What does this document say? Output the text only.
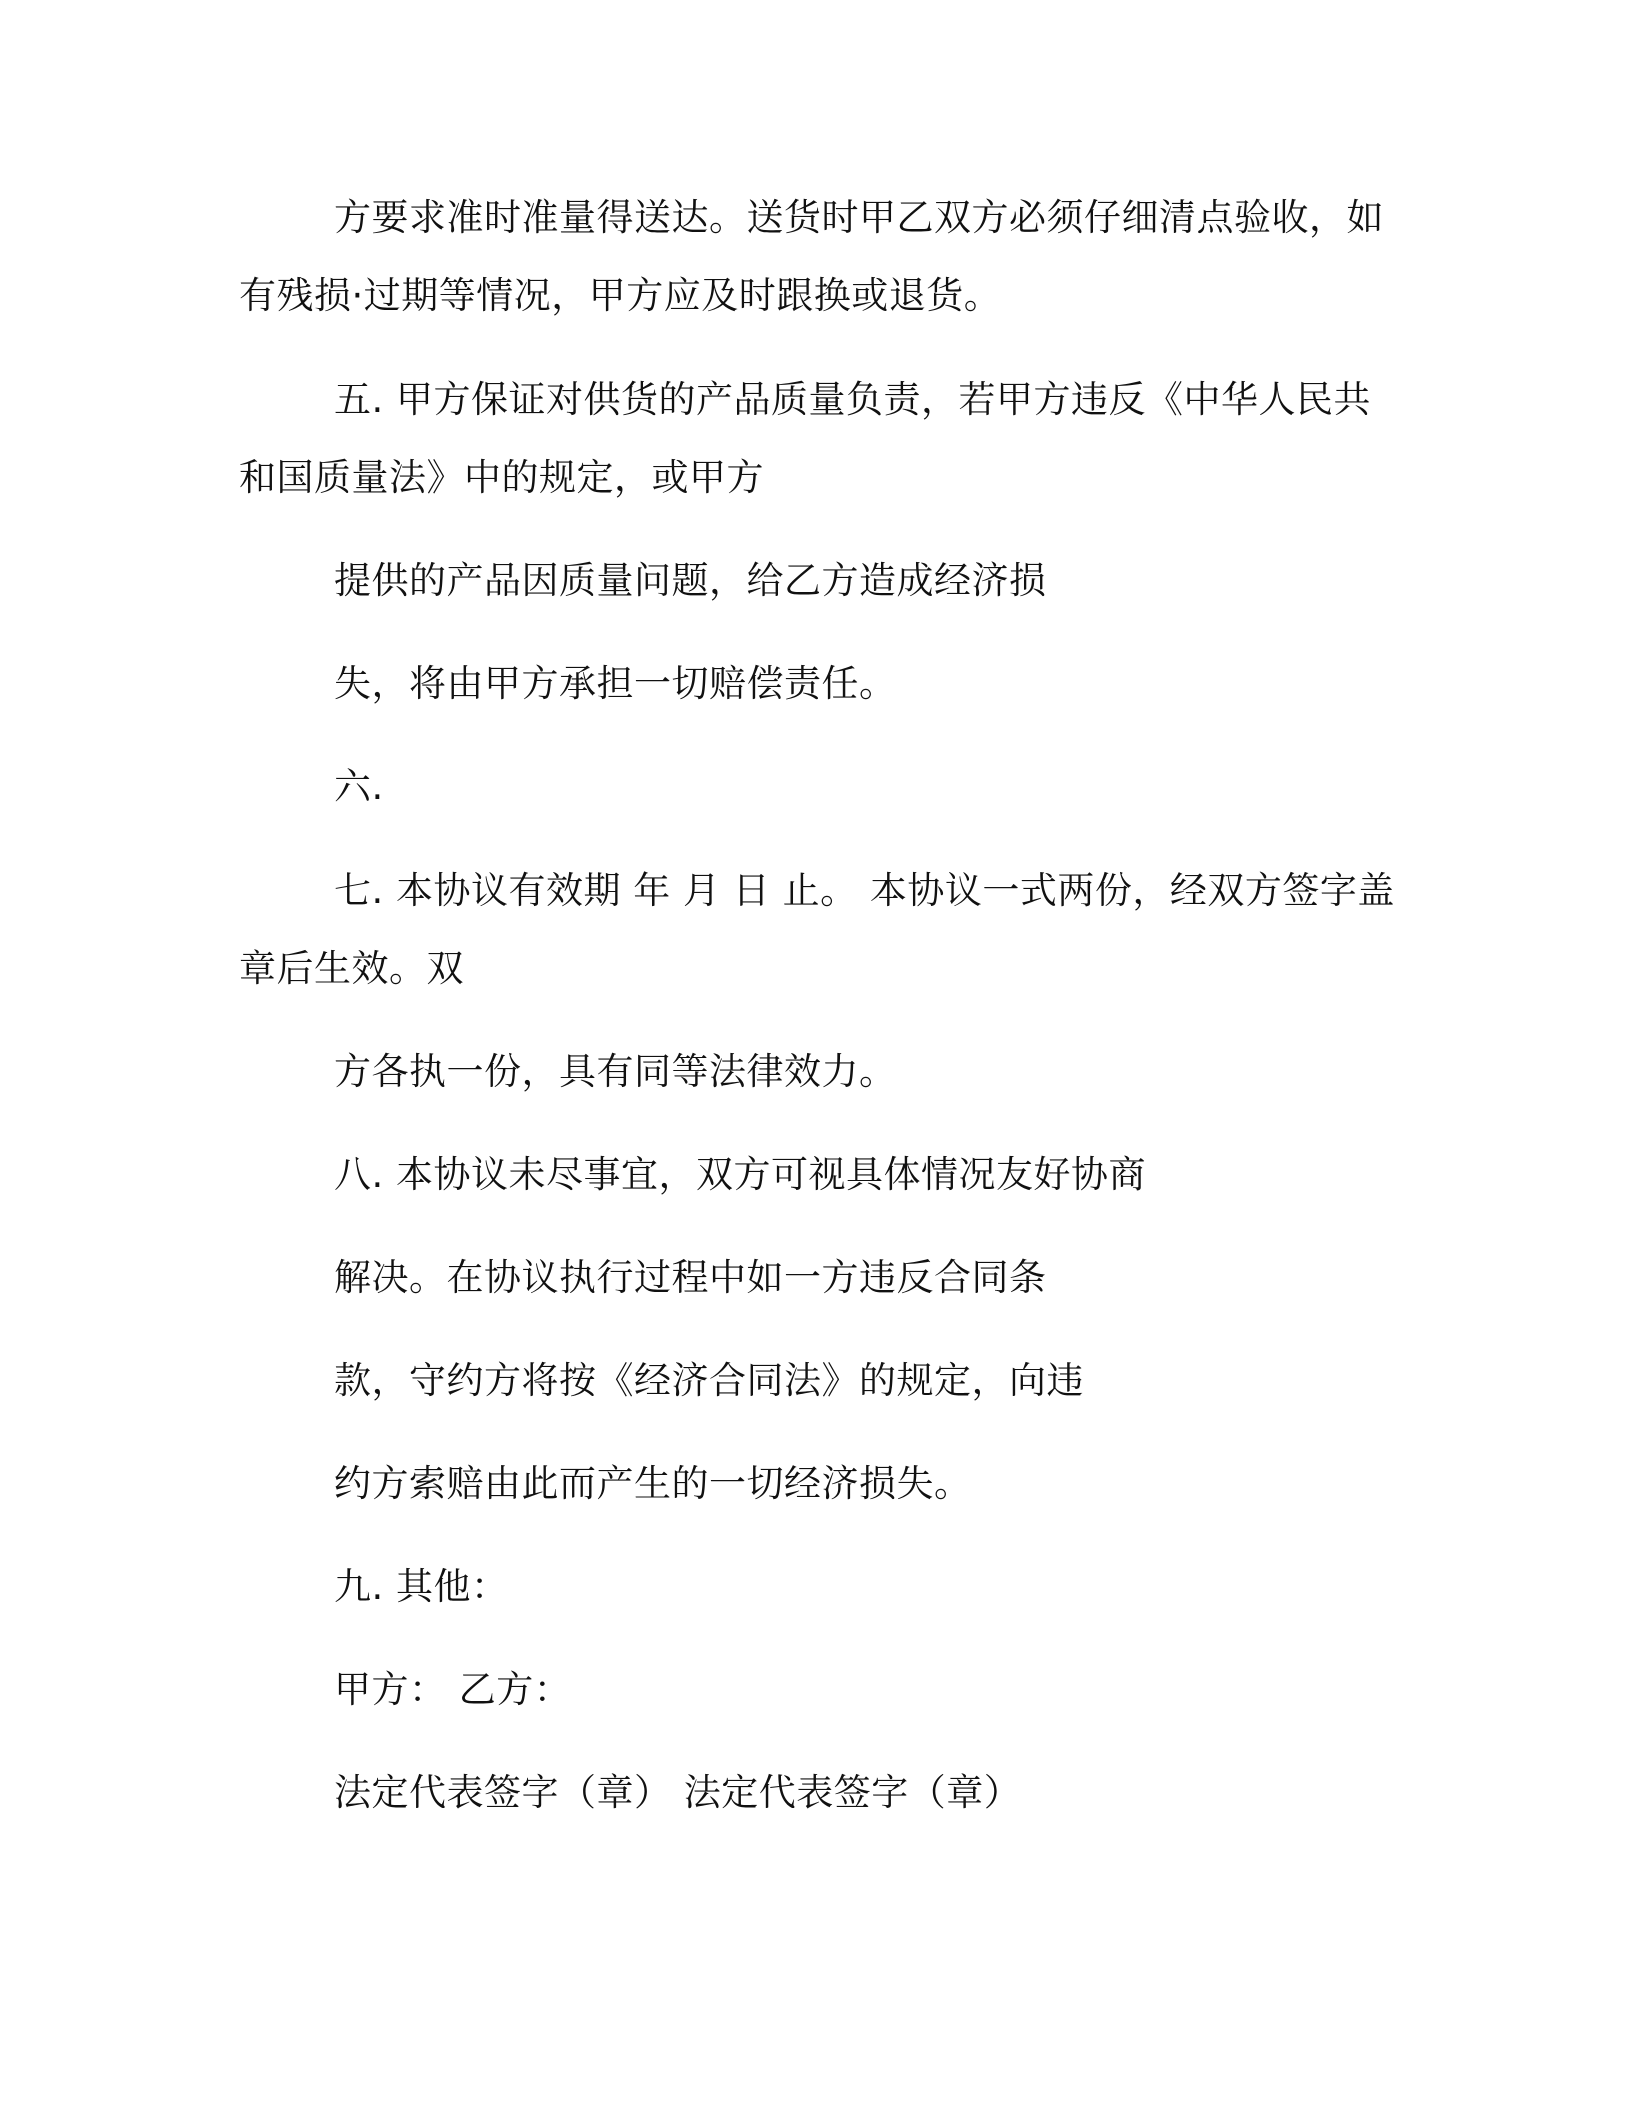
方要求准时准量得送达。送货时甲乙双方必须仔细清点验收，如
有残损·过期等情况，甲方应及时跟换或退货。
五. 甲方保证对供货的产品质量负责，若甲方违反《中华人民共
和国质量法》中的规定，或甲方
提供的产品因质量问题，给乙方造成经济损
失，将由甲方承担一切赔偿责任。
六.
七. 本协议有效期 年 月 日 止。 本协议一式两份，经双方签字盖
章后生效。双
方各执一份，具有同等法律效力。
八. 本协议未尽事宜，双方可视具体情况友好协商
解决。在协议执行过程中如一方违反合同条
款，守约方将按《经济合同法》的规定，向违
约方索赔由此而产生的一切经济损失。
九. 其他：
甲方： 乙方：
法定代表签字（章） 法定代表签字（章）
